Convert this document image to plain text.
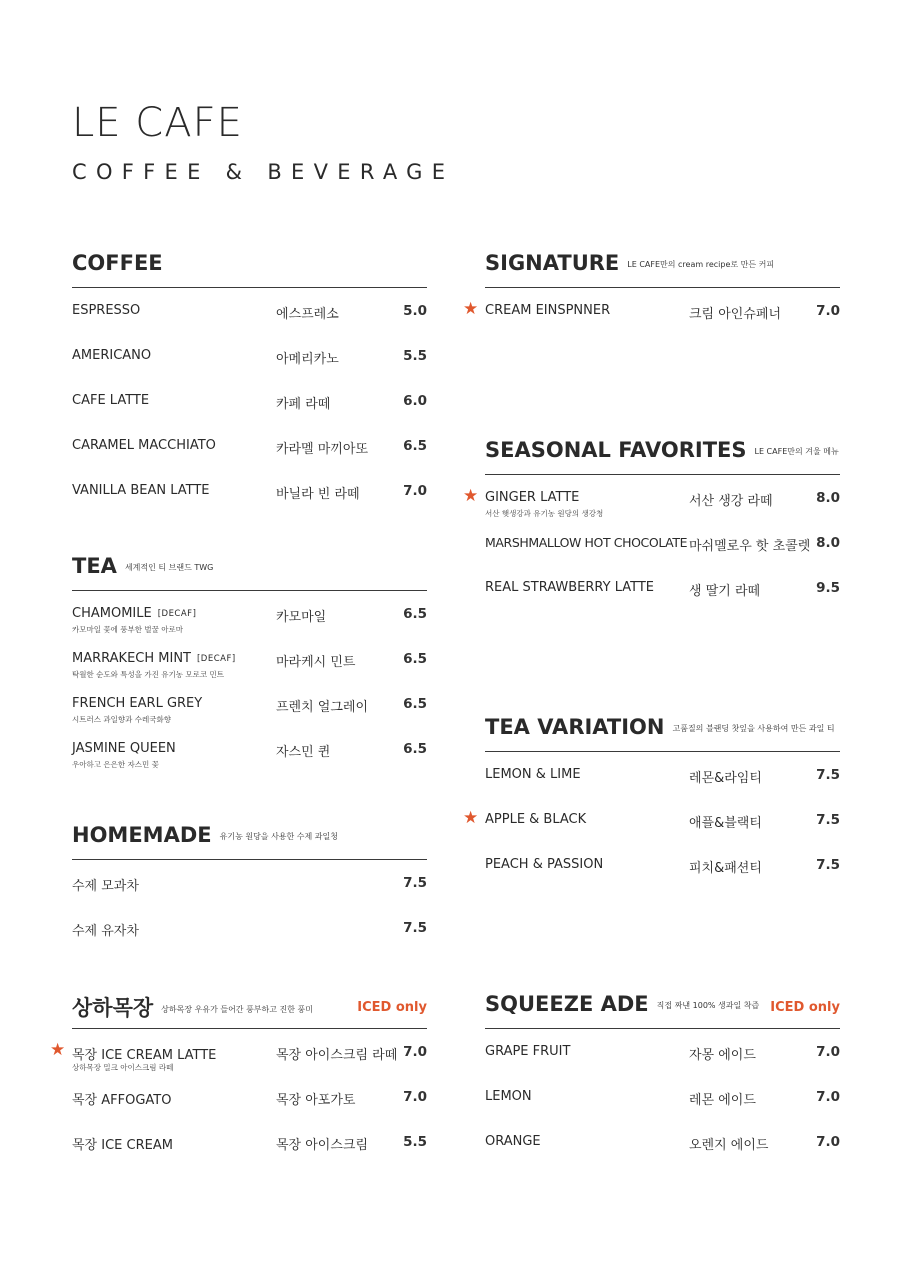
LE CAFE
COFFEE & BEVERAGE
COFFEE
ESPRESSO	에스프레소	5.0
AMERICANO	아메리카노	5.5
CAFE LATTE	카페 라떼	6.0
CARAMEL MACCHIATO	카라멜 마끼아또	6.5
VANILLA BEAN LATTE	바닐라 빈 라떼	7.0
TEA 세계적인 티 브랜드 TWG
CHAMOMILE [DECAF]
카모마일 꽃에 풍부한 벌꿀 아로마
카모마일	6.5
MARRAKECH MINT [DECAF]
탁월한 순도와 특성을 가진 유기농 모로코 민트
마라케시 민트	6.5
FRENCH EARL GREY
시트러스 과일향과 수레국화향
프렌치 얼그레이	6.5
JASMINE QUEEN
우아하고 은은한 자스민 꽃
자스민 퀸	6.5
HOMEMADE 유기농 원당을 사용한 수제 과일청
수제 모과차	7.5
수제 유자차	7.5
상하목장 상하목장 우유가 들어간 풍부하고 진한 풍미	ICED only
★ 목장 ICE CREAM LATTE
상하목장 밀크 아이스크림 라떼
목장 아이스크림 라떼 7.0
목장 AFFOGATO	목장 아포가토	7.0
목장 ICE CREAM	목장 아이스크림	5.5
SIGNATURE LE CAFE만의 cream recipe로 만든 커피
★ CREAM EINSPNNER	크림 아인슈페너	7.0
SEASONAL FAVORITES LE CAFE만의 겨울 메뉴
★ GINGER LATTE
서산 햇생강과 유기농 원당의 생강청
서산 생강 라떼	8.0
MARSHMALLOW HOT CHOCOLATE 마쉬멜로우 핫 초콜렛 8.0
REAL STRAWBERRY LATTE	생 딸기 라떼	9.5
TEA VARIATION 고품질의 블랜딩 찻잎을 사용하여 만든 과일 티
LEMON & LIME	레몬&라임티	7.5
★ APPLE & BLACK	애플&블랙티	7.5
PEACH & PASSION	피치&패션티	7.5
SQUEEZE ADE 직접 짜낸 100% 생과일 착즙 ICED only
GRAPE FRUIT	자몽 에이드	7.0
LEMON	레몬 에이드	7.0
ORANGE	오렌지 에이드	7.0
